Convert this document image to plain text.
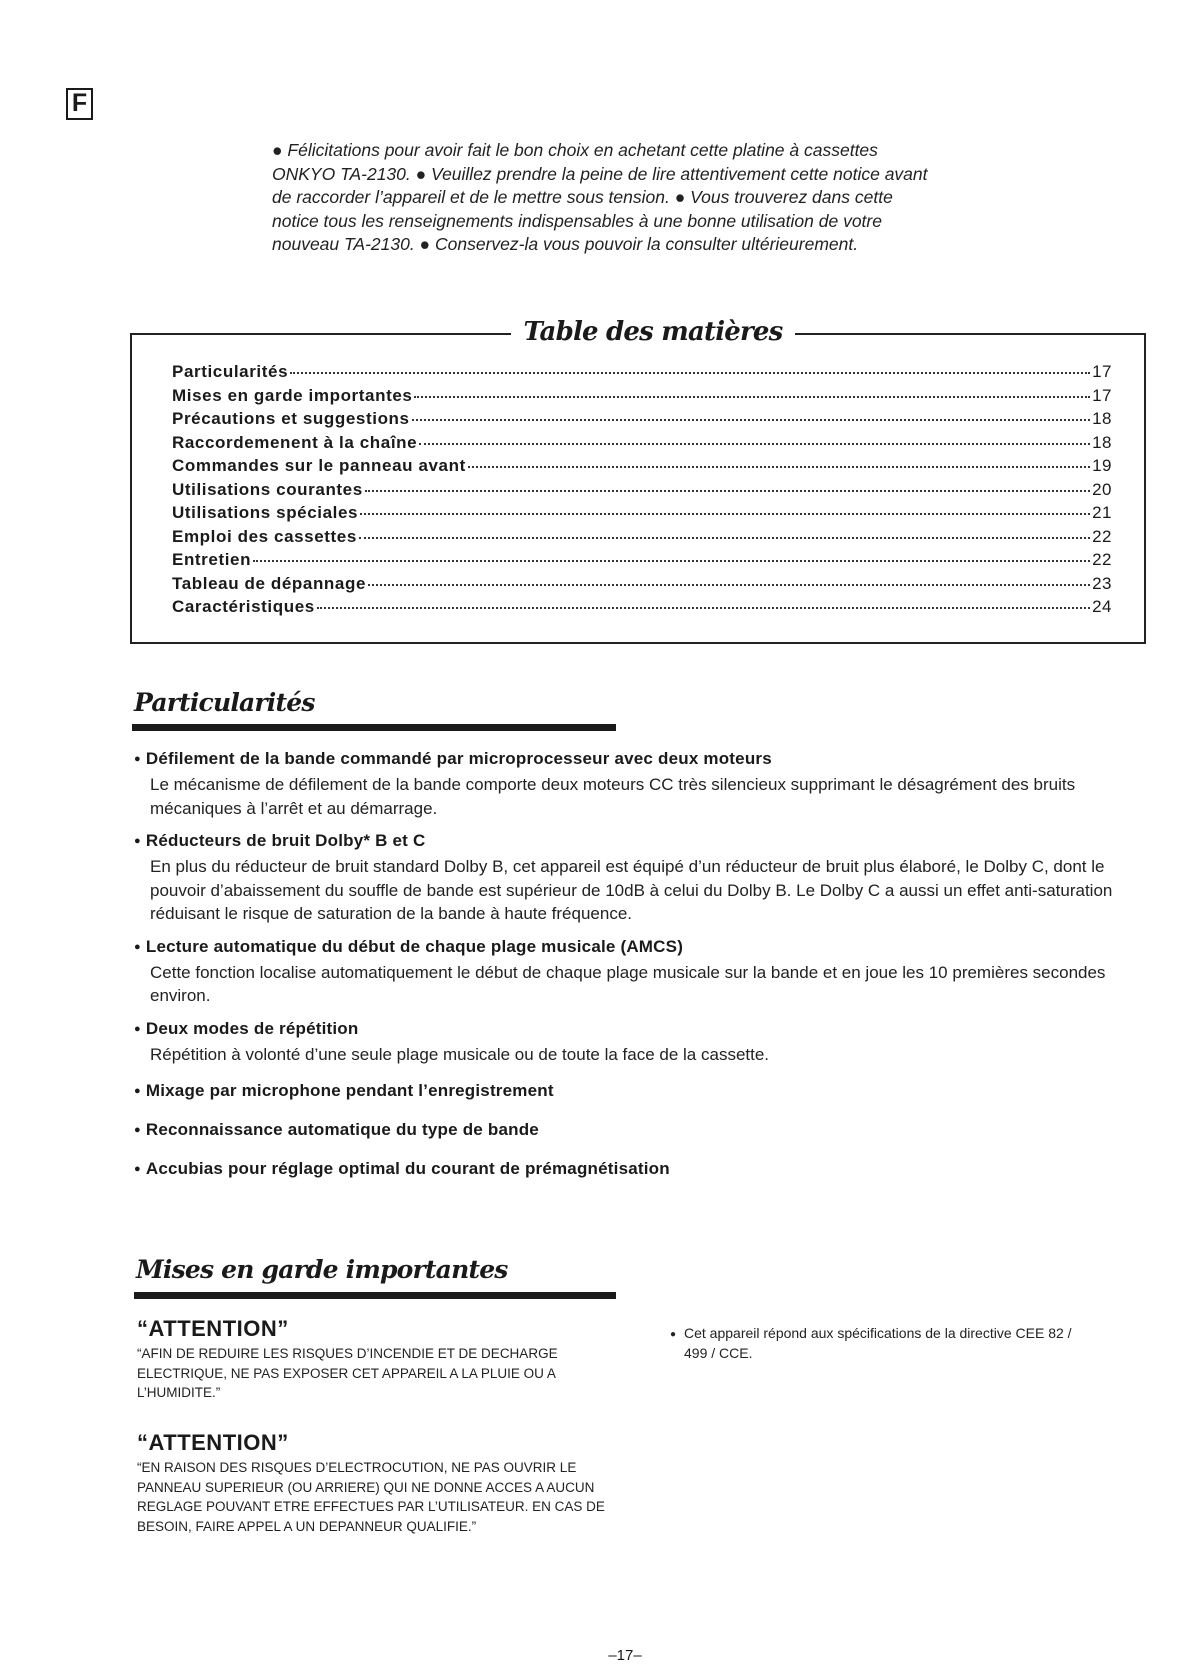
F

● Félicitations pour avoir fait le bon choix en achetant cette platine à cassettes

ONKYO TA-2130. ● Veuillez prendre la peine de lire attentivement cette notice avant

de raccorder l’appareil et de le mettre sous tension. ● Vous trouverez dans cette

notice tous les renseignements indispensables à une bonne utilisation de votre

nouveau TA-2130. ● Conservez-la vous pouvoir la consulter ultérieurement.

Table des matières
Particularités	17
Mises en garde importantes	17
Précautions et suggestions	18
Raccordemenent à la chaîne	18
Commandes sur le panneau avant	19
Utilisations courantes	20
Utilisations spéciales	21
Emploi des cassettes	22
Entretien	22
Tableau de dépannage	23
Caractéristiques	24
Particularités
● Défilement de la bande commandé par microprocesseur avec deux moteurs
Le mécanisme de défilement de la bande comporte deux moteurs CC très silencieux supprimant le désagrément des bruits mécaniques à l’arrêt et au démarrage.
● Réducteurs de bruit Dolby* B et C
En plus du réducteur de bruit standard Dolby B, cet appareil est équipé d’un réducteur de bruit plus élaboré, le Dolby C, dont le pouvoir d’abaissement du souffle de bande est supérieur de 10dB à celui du Dolby B. Le Dolby C a aussi un effet anti-saturation réduisant le risque de saturation de la bande à haute fréquence.
● Lecture automatique du début de chaque plage musicale (AMCS)
Cette fonction localise automatiquement le début de chaque plage musicale sur la bande et en joue les 10 premières secondes environ.
● Deux modes de répétition
Répétition à volonté d’une seule plage musicale ou de toute la face de la cassette.
● Mixage par microphone pendant l’enregistrement
● Reconnaissance automatique du type de bande
● Accubias pour réglage optimal du courant de prémagnétisation
Mises en garde importantes
“ATTENTION”
“AFIN DE REDUIRE LES RISQUES D’INCENDIE ET DE DECHARGE ELECTRIQUE, NE PAS EXPOSER CET APPAREIL A LA PLUIE OU A L’HUMIDITE.”
“ATTENTION”
“EN RAISON DES RISQUES D’ELECTROCUTION, NE PAS OUVRIR LE PANNEAU SUPERIEUR (OU ARRIERE) QUI NE DONNE ACCES A AUCUN REGLAGE POUVANT ETRE EFFECTUES PAR L’UTILISATEUR. EN CAS DE BESOIN, FAIRE APPEL A UN DEPANNEUR QUALIFIE.”
● Cet appareil répond aux spécifications de la directive CEE 82 / 499 / CCE.
–17–
